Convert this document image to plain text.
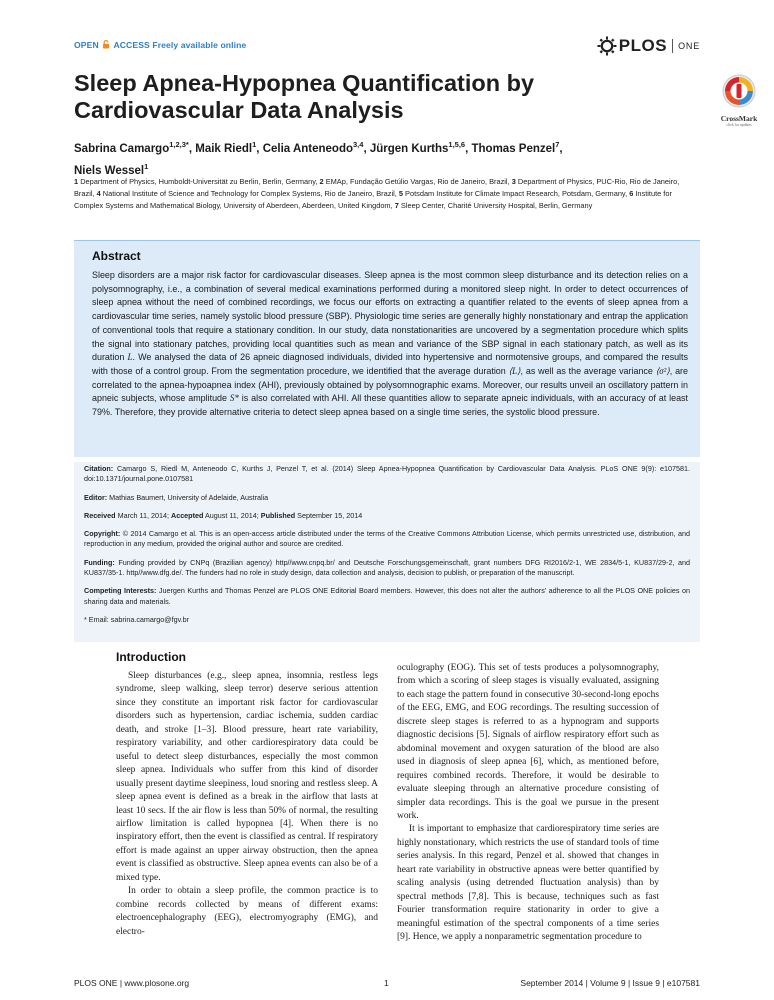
OPEN ACCESS Freely available online	PLOS ONE
Sleep Apnea-Hypopnea Quantification by Cardiovascular Data Analysis	CrossMark
click for updates

Sabrina Camargo$^{1,2,3*}$, Maik Riedl$^1$, Celia Anteneodo$^{3,4}$, Jürgen Kurths$^{1,5,6}$, Thomas Penzel$^7$,
Niels Wessel$^1$

1 Department of Physics, Humboldt-Universität zu Berlin, Berlin, Germany, 2 EMAp, Fundação Getúlio Vargas, Rio de Janeiro, Brazil, 3 Department of Physics, PUC-Rio, Rio de Janeiro, Brazil, 4 National Institute of Science and Technology for Complex Systems, Rio de Janeiro, Brazil, 5 Potsdam Institute for Climate Impact Research, Potsdam, Germany, 6 Institute for Complex Systems and Mathematical Biology, University of Aberdeen, Aberdeen, United Kingdom, 7 Sleep Center, Charité University Hospital, Berlin, Germany

Abstract

Sleep disorders are a major risk factor for cardiovascular diseases. Sleep apnea is the most common sleep disturbance and its detection relies on a polysomnography, i.e., a combination of several medical examinations performed during a monitored sleep night. In order to detect occurrences of sleep apnea without the need of combined recordings, we focus our efforts on extracting a quantifier related to the events of sleep apnea from a cardiovascular time series, namely systolic blood pressure (SBP). Physiologic time series are generally highly nonstationary and entrap the application of conventional tools that require a stationary condition. In our study, data nonstationarities are uncovered by a segmentation procedure which splits the signal into stationary patches, providing local quantities such as mean and variance of the SBP signal in each stationary patch, as well as its duration L. We analysed the data of 26 apneic diagnosed individuals, divided into hypertensive and normotensive groups, and compared the results with those of a control group. From the segmentation procedure, we identified that the average duration ⟨L⟩, as well as the average variance ⟨σ²⟩, are correlated to the apnea-hypoapnea index (AHI), previously obtained by polysomnographic exams. Moreover, our results unveil an oscillatory pattern in apneic subjects, whose amplitude S* is also correlated with AHI. All these quantities allow to separate apneic individuals, with an accuracy of at least 79%. Therefore, they provide alternative criteria to detect sleep apnea based on a single time series, the systolic blood pressure.

Citation: Camargo S, Riedl M, Anteneodo C, Kurths J, Penzel T, et al. (2014) Sleep Apnea-Hypopnea Quantification by Cardiovascular Data Analysis. PLoS ONE 9(9): e107581. doi:10.1371/journal.pone.0107581

Editor: Mathias Baumert, University of Adelaide, Australia

Received March 11, 2014; Accepted August 11, 2014; Published September 15, 2014

Copyright: © 2014 Camargo et al. This is an open-access article distributed under the terms of the Creative Commons Attribution License, which permits unrestricted use, distribution, and reproduction in any medium, provided the original author and source are credited.

Funding: Funding provided by CNPq (Brazilian agency) http//www.cnpq.br/ and Deutsche Forschungsgemeinschaft, grant numbers DFG RI2016/2-1, WE 2834/5-1, KU837/29-2, and KU837/35-1. http//www.dfg.de/. The funders had no role in study design, data collection and analysis, decision to publish, or preparation of the manuscript.

Competing Interests: Juergen Kurths and Thomas Penzel are PLOS ONE Editorial Board members. However, this does not alter the authors' adherence to all the PLOS ONE policies on sharing data and materials.

* Email: sabrina.camargo@fgv.br

Introduction

Sleep disturbances (e.g., sleep apnea, insomnia, restless legs syndrome, sleep walking, sleep terror) deserve serious attention since they constitute an important risk factor for cardiovascular disorders such as hypertension, cardiac ischemia, sudden cardiac death, and stroke [1–3]. Blood pressure, heart rate variability, respiratory variability, and other cardiorespiratory data could be useful to detect sleep disturbances, especially the most common sleep apnea. Individuals who suffer from this kind of disorder usually present daytime sleepiness, loud snoring and restless sleep. A sleep apnea event is defined as a break in the airflow that lasts at least 10 secs. If the air flow is less than 50% of normal, the resulting airflow limitation is called hypopnea [4]. When there is no inspiratory effort, then the event is classified as central. If respiratory effort is made against an upper airway obstruction, then the apnea event is classified as obstructive. Sleep apnea events can also be of a mixed type.

In order to obtain a sleep profile, the common practice is to combine records collected by means of different exams: electroencephalography (EEG), electromyography (EMG), and electro-

oculography (EOG). This set of tests produces a polysomnography, from which a scoring of sleep stages is visually evaluated, assigning to each stage the pattern found in consecutive 30-second-long epochs of the EEG, EMG, and EOG recordings. The resulting succession of discrete sleep stages is referred to as a hypnogram and supports diagnostic decisions [5]. Signals of airflow respiratory effort such as abdominal movement and oxygen saturation of the blood are also used in diagnosis of sleep apnea [6], which, as mentioned before, requires combined records. Therefore, it would be desirable to evaluate sleeping through an alternative procedure consisting of simpler data recordings. This is the goal we pursue in the present work.

It is important to emphasize that cardiorespiratory time series are highly nonstationary, which restricts the use of standard tools of time series analysis. In this regard, Penzel et al. showed that changes in heart rate variability in obstructive apneas were better quantified by scaling analysis (using detrended fluctuation analysis) than by spectral methods [7,8]. This is because, techniques such as fast Fourier transformation require stationarity in order to give a meaningful estimation of the spectral components of a time series [9]. Hence, we apply a nonparametric segmentation procedure to

PLOS ONE | www.plosone.org	1	September 2014 | Volume 9 | Issue 9 | e107581
